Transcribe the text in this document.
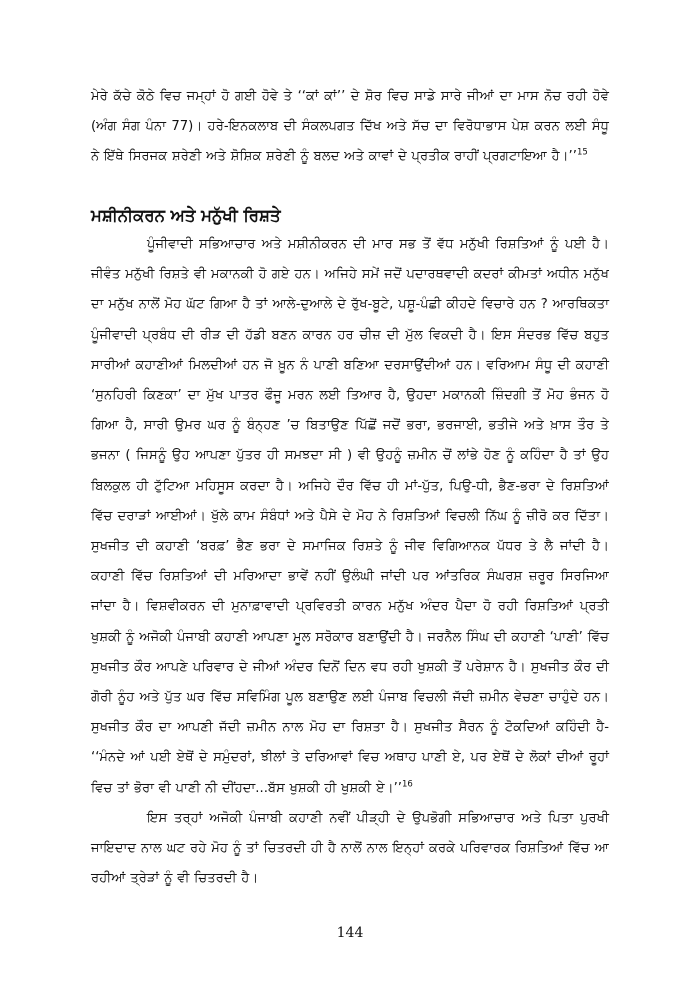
ਮੇਰੇ ਕੱਚੇ ਕੋਠੇ ਵਿਚ ਜਮ੍ਹਾਂ ਹੋ ਗਈ ਹੋਵੇ ਤੇ ‘‘ਕਾਂ ਕਾਂ’’ ਦੇ ਸ਼ੋਰ ਵਿਚ ਸਾਡੇ ਸਾਰੇ ਜੀਆਂ ਦਾ ਮਾਸ ਨੋਚ ਰਹੀ ਹੋਵੇ (ਅੰਗ ਸੰਗ ਪੰਨਾ 77)। ਹਰੇ-ਇਨਕਲਾਬ ਦੀ ਸੰਕਲਪਗਤ ਦਿੱਖ ਅਤੇ ਸੱਚ ਦਾ ਵਿਰੋਧਾਭਾਸ ਪੇਸ਼ ਕਰਨ ਲਈ ਸੰਧੂ ਨੇ ਇੱਥੇ ਸਿਰਜਕ ਸ਼ਰੇਣੀ ਅਤੇ ਸ਼ੋਸ਼ਿਕ ਸ਼ਰੇਣੀ ਨੂੰ ਬਲਦ ਅਤੇ ਕਾਵਾਂ ਦੇ ਪ੍ਰਤੀਕ ਰਾਹੀਂ ਪ੍ਰਗਟਾਇਆ ਹੈ।’’$^{15}$

ਮਸ਼ੀਨੀਕਰਨ ਅਤੇ ਮਨੁੱਖੀ ਰਿਸ਼ਤੇ

ਪੂੰਜੀਵਾਦੀ ਸਭਿਆਚਾਰ ਅਤੇ ਮਸ਼ੀਨੀਕਰਨ ਦੀ ਮਾਰ ਸਭ ਤੋਂ ਵੱਧ ਮਨੁੱਖੀ ਰਿਸ਼ਤਿਆਂ ਨੂੰ ਪਈ ਹੈ। ਜੀਵੰਤ ਮਨੁੱਖੀ ਰਿਸ਼ਤੇ ਵੀ ਮਕਾਨਕੀ ਹੋ ਗਏ ਹਨ। ਅਜਿਹੇ ਸਮੇਂ ਜਦੋਂ ਪਦਾਰਥਵਾਦੀ ਕਦਰਾਂ ਕੀਮਤਾਂ ਅਧੀਨ ਮਨੁੱਖ ਦਾ ਮਨੁੱਖ ਨਾਲੋਂ ਮੋਹ ਘੱਟ ਗਿਆ ਹੈ ਤਾਂ ਆਲੇ-ਦੁਆਲੇ ਦੇ ਰੁੱਖ-ਬੂਟੇ, ਪਸ਼ੂ-ਪੰਛੀ ਕੀਹਦੇ ਵਿਚਾਰੇ ਹਨ ? ਆਰਥਿਕਤਾ ਪੂੰਜੀਵਾਦੀ ਪ੍ਰਬੰਧ ਦੀ ਰੀੜ ਦੀ ਹੱਡੀ ਬਣਨ ਕਾਰਨ ਹਰ ਚੀਜ਼ ਦੀ ਮੁੱਲ ਵਿਕਦੀ ਹੈ। ਇਸ ਸੰਦਰਭ ਵਿੱਚ ਬਹੁਤ ਸਾਰੀਆਂ ਕਹਾਣੀਆਂ ਮਿਲਦੀਆਂ ਹਨ ਜੋ ਖ਼ੂਨ ਨੰ ਪਾਣੀ ਬਣਿਆ ਦਰਸਾਉਂਦੀਆਂ ਹਨ। ਵਰਿਆਮ ਸੰਧੂ ਦੀ ਕਹਾਣੀ ‘ਸੁਨਹਿਰੀ ਕਿਣਕਾ’ ਦਾ ਮੁੱਖ ਪਾਤਰ ਫੌਜੂ ਮਰਨ ਲਈ ਤਿਆਰ ਹੈ, ਉਹਦਾ ਮਕਾਨਕੀ ਜ਼ਿੰਦਗੀ ਤੋਂ ਮੋਹ ਭੰਜਨ ਹੋ ਗਿਆ ਹੈ, ਸਾਰੀ ਉਮਰ ਘਰ ਨੂੰ ਬੰਨ੍ਹਣ ’ਚ ਬਿਤਾਉਣ ਪਿੱਛੋਂ ਜਦੋਂ ਭਰਾ, ਭਰਜਾਈ, ਭਤੀਜੇ ਅਤੇ ਖ਼ਾਸ ਤੌਰ ਤੇ ਭਜਨਾ ( ਜਿਸਨੂੰ ਉਹ ਆਪਣਾ ਪੁੱਤਰ ਹੀ ਸਮਝਦਾ ਸੀ ) ਵੀ ਉਹਨੂੰ ਜ਼ਮੀਨ ਚੋਂ ਲਾਂਭੇ ਹੋਣ ਨੂੰ ਕਹਿੰਦਾ ਹੈ ਤਾਂ ਉਹ ਬਿਲਕੁਲ ਹੀ ਟੁੱਟਿਆ ਮਹਿਸੂਸ ਕਰਦਾ ਹੈ। ਅਜਿਹੇ ਦੌਰ ਵਿੱਚ ਹੀ ਮਾਂ-ਪੁੱਤ, ਪਿਉ-ਧੀ, ਭੈਣ-ਭਰਾ ਦੇ ਰਿਸ਼ਤਿਆਂ ਵਿੱਚ ਦਰਾੜਾਂ ਆਈਆਂ। ਖੁੱਲੇ ਕਾਮ ਸੰਬੰਧਾਂ ਅਤੇ ਪੈਸੇ ਦੇ ਮੋਹ ਨੇ ਰਿਸ਼ਤਿਆਂ ਵਿਚਲੀ ਨਿੱਘ ਨੂੰ ਜ਼ੀਰੋ ਕਰ ਦਿੱਤਾ। ਸੁਖਜੀਤ ਦੀ ਕਹਾਣੀ ‘ਬਰਫ਼’ ਭੈਣ ਭਰਾ ਦੇ ਸਮਾਜਿਕ ਰਿਸ਼ਤੇ ਨੂੰ ਜੀਵ ਵਿਗਿਆਨਕ ਪੱਧਰ ਤੇ ਲੈ ਜਾਂਦੀ ਹੈ। ਕਹਾਣੀ ਵਿੱਚ ਰਿਸ਼ਤਿਆਂ ਦੀ ਮਰਿਆਦਾ ਭਾਵੇਂ ਨਹੀਂ ਉਲੰਘੀ ਜਾਂਦੀ ਪਰ ਆਂਤਰਿਕ ਸੰਘਰਸ਼ ਜ਼ਰੂਰ ਸਿਰਜਿਆ ਜਾਂਦਾ ਹੈ। ਵਿਸ਼ਵੀਕਰਨ ਦੀ ਮੁਨਾਫ਼ਾਵਾਦੀ ਪ੍ਰਵਿਰਤੀ ਕਾਰਨ ਮਨੁੱਖ ਅੰਦਰ ਪੈਦਾ ਹੋ ਰਹੀ ਰਿਸ਼ਤਿਆਂ ਪ੍ਰਤੀ ਖੁਸ਼ਕੀ ਨੂੰ ਅਜੋਕੀ ਪੰਜਾਬੀ ਕਹਾਣੀ ਆਪਣਾ ਮੂਲ ਸਰੋਕਾਰ ਬਣਾਉਂਦੀ ਹੈ। ਜਰਨੈਲ ਸਿੰਘ ਦੀ ਕਹਾਣੀ ‘ਪਾਣੀ’ ਵਿੱਚ ਸੁਖਜੀਤ ਕੌਰ ਆਪਣੇ ਪਰਿਵਾਰ ਦੇ ਜੀਆਂ ਅੰਦਰ ਦਿਨੋਂ ਦਿਨ ਵਧ ਰਹੀ ਖੁਸ਼ਕੀ ਤੋਂ ਪਰੇਸ਼ਾਨ ਹੈ। ਸੁਖਜੀਤ ਕੌਰ ਦੀ ਗੋਰੀ ਨੂੰਹ ਅਤੇ ਪੁੱਤ ਘਰ ਵਿੱਚ ਸਵਿਮਿੰਗ ਪੂਲ ਬਣਾਉਣ ਲਈ ਪੰਜਾਬ ਵਿਚਲੀ ਜੱਦੀ ਜ਼ਮੀਨ ਵੇਚਣਾ ਚਾਹੁੰਦੇ ਹਨ। ਸੁਖਜੀਤ ਕੌਰ ਦਾ ਆਪਣੀ ਜੱਦੀ ਜ਼ਮੀਨ ਨਾਲ ਮੋਹ ਦਾ ਰਿਸ਼ਤਾ ਹੈ। ਸੁਖਜੀਤ ਸੈਰਨ ਨੂੰ ਟੋਕਦਿਆਂ ਕਹਿੰਦੀ ਹੈ- ‘‘ਮੰਨਦੇ ਆਂ ਪਈ ਏਥੋਂ ਦੇ ਸਮੁੰਦਰਾਂ, ਝੀਲਾਂ ਤੇ ਦਰਿਆਵਾਂ ਵਿਚ ਅਥਾਹ ਪਾਣੀ ਏ, ਪਰ ਏਥੋਂ ਦੇ ਲੋਕਾਂ ਦੀਆਂ ਰੂਹਾਂ ਵਿਚ ਤਾਂ ਭੋਰਾ ਵੀ ਪਾਣੀ ਨੀ ਦੀਂਹਦਾ...ਬੱਸ ਖੁਸ਼ਕੀ ਹੀ ਖੁਸ਼ਕੀ ਏ।’’$^{16}$

ਇਸ ਤਰ੍ਹਾਂ ਅਜੋਕੀ ਪੰਜਾਬੀ ਕਹਾਣੀ ਨਵੀਂ ਪੀੜ੍ਹੀ ਦੇ ਉਪਭੋਗੀ ਸਭਿਆਚਾਰ ਅਤੇ ਪਿਤਾ ਪੁਰਖੀ ਜਾਇਦਾਦ ਨਾਲ ਘਟ ਰਹੇ ਮੋਹ ਨੂੰ ਤਾਂ ਚਿਤਰਦੀ ਹੀ ਹੈ ਨਾਲੋਂ ਨਾਲ ਇਨ੍ਹਾਂ ਕਰਕੇ ਪਰਿਵਾਰਕ ਰਿਸ਼ਤਿਆਂ ਵਿੱਚ ਆ ਰਹੀਆਂ ਤ੍ਰੇੜਾਂ ਨੂੰ ਵੀ ਚਿਤਰਦੀ ਹੈ।

144
